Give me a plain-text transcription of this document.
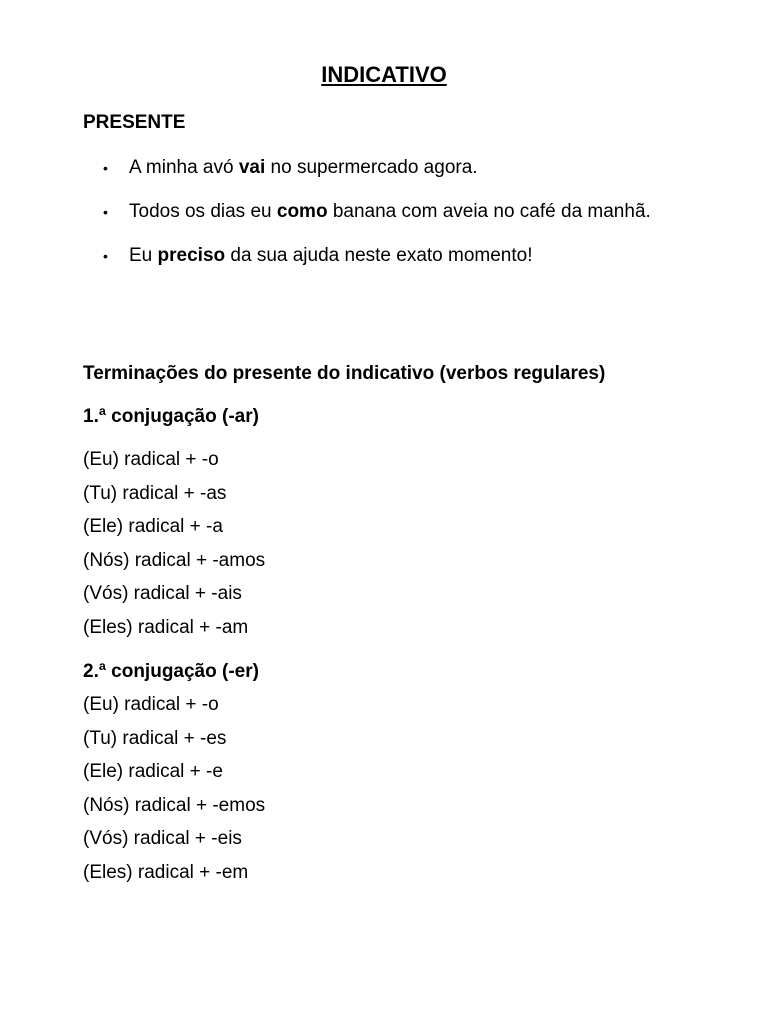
INDICATIVO
PRESENTE
• A minha avó vai no supermercado agora.
• Todos os dias eu como banana com aveia no café da manhã.
• Eu preciso da sua ajuda neste exato momento!
Terminações do presente do indicativo (verbos regulares)
1.ª conjugação (-ar)
(Eu) radical + -o
(Tu) radical + -as
(Ele) radical + -a
(Nós) radical + -amos
(Vós) radical + -ais
(Eles) radical + -am
2.ª conjugação (-er)
(Eu) radical + -o
(Tu) radical + -es
(Ele) radical + -e
(Nós) radical + -emos
(Vós) radical + -eis
(Eles) radical + -em
